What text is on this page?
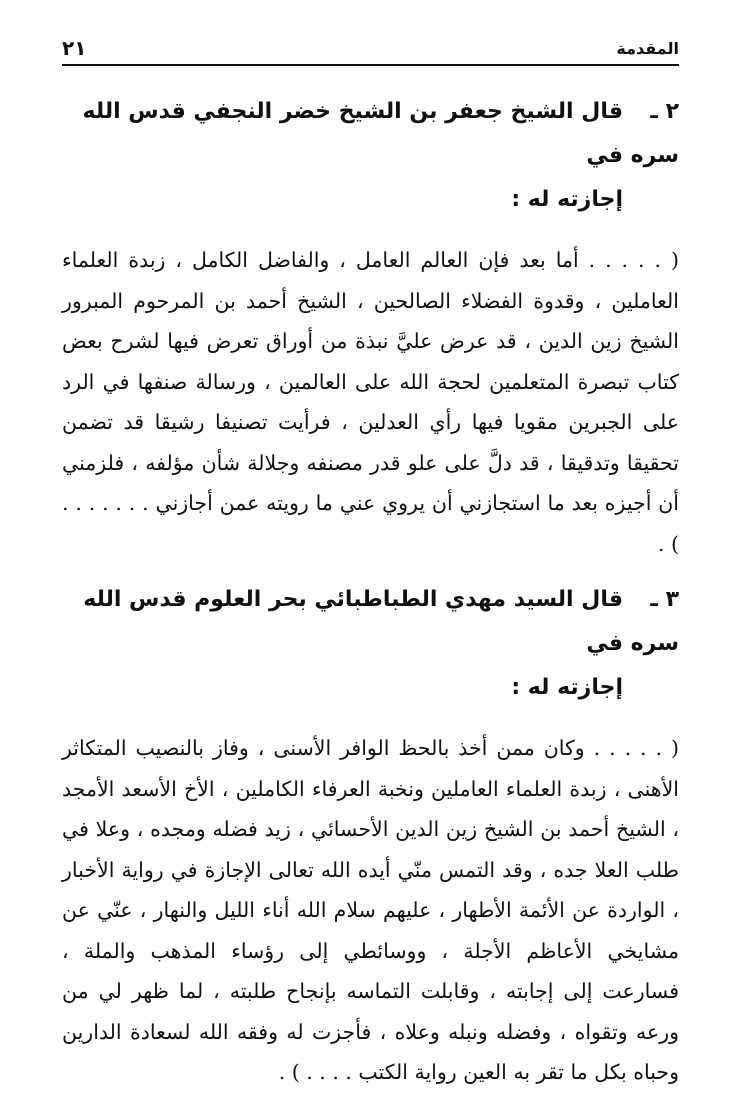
المقدمة
٢١
٢ ـقال الشيخ جعفر بن الشيخ خضر النجفي قدس الله سره في
إجازته له :

( . . . . . أما بعد فإن العالم العامل ، والفاضل الكامل ، زبدة العلماء العاملين ، وقدوة الفضلاء الصالحين ، الشيخ أحمد بن المرحوم المبرور الشيخ زين الدين ، قد عرض عليَّ نبذة من أوراق تعرض فيها لشرح بعض كتاب تبصرة المتعلمين لحجة الله على العالمين ، ورسالة صنفها في الرد على الجبرين مقويا فيها رأي العدلين ، فرأيت تصنيفا رشيقا قد تضمن تحقيقا وتدقيقا ، قد دلَّ على علو قدر مصنفه وجلالة شأن مؤلفه ، فلزمني أن أجيزه بعد ما استجازني أن يروي عني ما رويته عمن أجازني . . . . . . . ) .

٣ ـقال السيد مهدي الطباطبائي بحر العلوم قدس الله سره في
إجازته له :

( . . . . . وكان ممن أخذ بالحظ الوافر الأسنى ، وفاز بالنصيب المتكاثر الأهنى ، زبدة العلماء العاملين ونخبة العرفاء الكاملين ، الأخ الأسعد الأمجد ، الشيخ أحمد بن الشيخ زين الدين الأحسائي ، زيد فضله ومجده ، وعلا في طلب العلا جده ، وقد التمس منّي أيده الله تعالى الإجازة في رواية الأخبار ، الواردة عن الأئمة الأطهار ، عليهم سلام الله أناء الليل والنهار ، عنّي عن مشايخي الأعاظم الأجلة ، ووسائطي إلى رؤساء المذهب والملة ، فسارعت إلى إجابته ، وقابلت التماسه بإنجاح طلبته ، لما ظهر لي من ورعه وتقواه ، وفضله ونبله وعلاه ، فأجزت له وفقه الله لسعادة الدارين وحباه بكل ما تقر به العين رواية الكتب . . . . ) .
